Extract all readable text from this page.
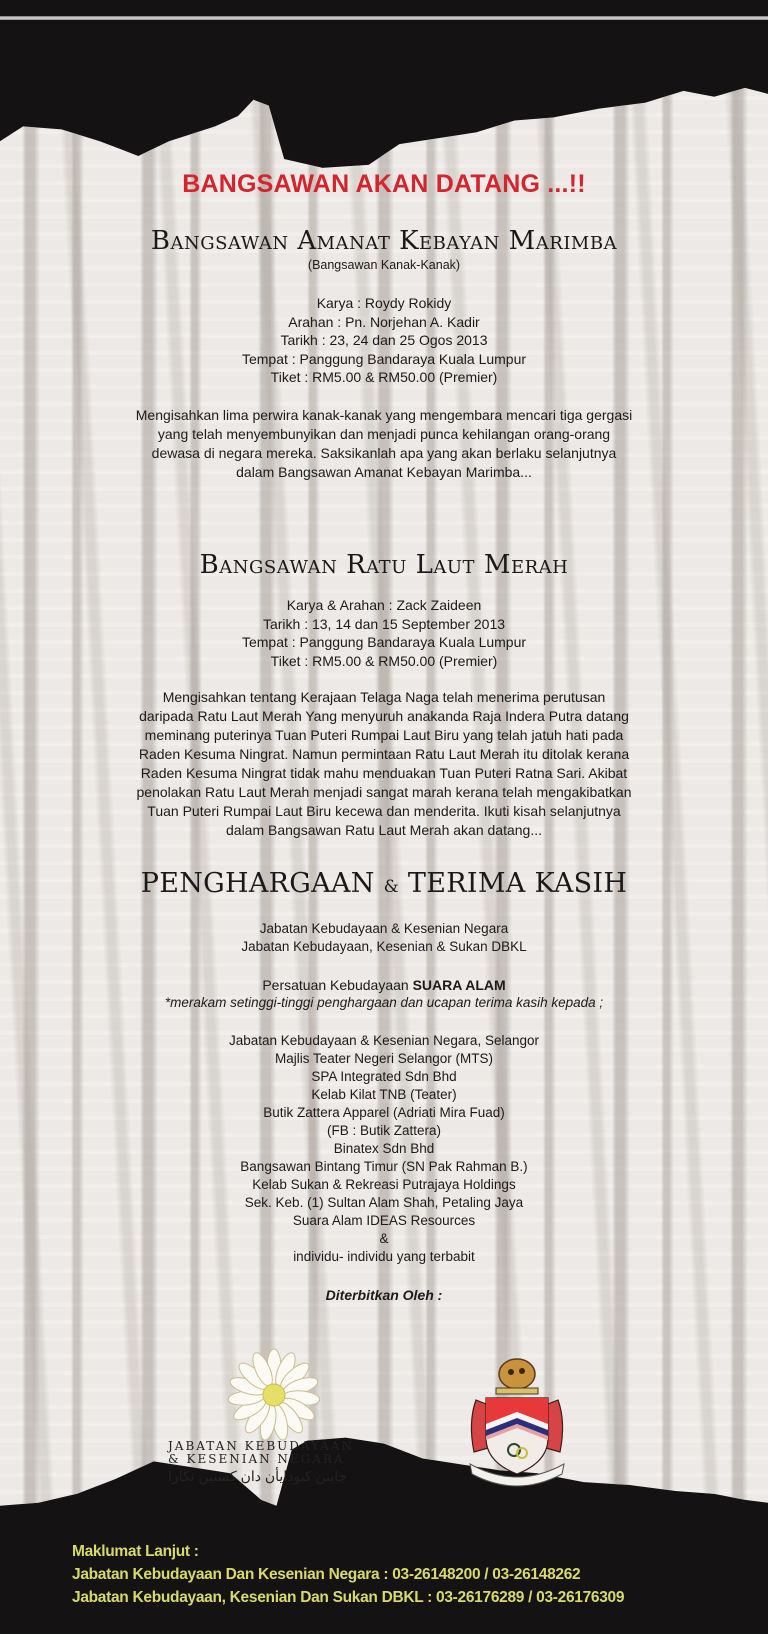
BANGSAWAN AKAN DATANG ...!!
Bangsawan Amanat Kebayan Marimba
(Bangsawan Kanak-Kanak)
Karya : Roydy Rokidy
Arahan : Pn. Norjehan A. Kadir
Tarikh : 23, 24 dan 25 Ogos 2013
Tempat : Panggung Bandaraya Kuala Lumpur
Tiket : RM5.00 & RM50.00 (Premier)
Mengisahkan lima perwira kanak-kanak yang mengembara mencari tiga gergasi
yang telah menyembunyikan dan menjadi punca kehilangan orang-orang
dewasa di negara mereka. Saksikanlah apa yang akan berlaku selanjutnya
dalam Bangsawan Amanat Kebayan Marimba...
Bangsawan Ratu Laut Merah
Karya & Arahan : Zack Zaideen
Tarikh : 13, 14 dan 15 September 2013
Tempat : Panggung Bandaraya Kuala Lumpur
Tiket : RM5.00 & RM50.00 (Premier)
Mengisahkan tentang Kerajaan Telaga Naga telah menerima perutusan
daripada Ratu Laut Merah Yang menyuruh anakanda Raja Indera Putra datang
meminang puterinya Tuan Puteri Rumpai Laut Biru yang telah jatuh hati pada
Raden Kesuma Ningrat. Namun permintaan Ratu Laut Merah itu ditolak kerana
Raden Kesuma Ningrat tidak mahu menduakan Tuan Puteri Ratna Sari. Akibat
penolakan Ratu Laut Merah menjadi sangat marah kerana telah mengakibatkan
Tuan Puteri Rumpai Laut Biru kecewa dan menderita. Ikuti kisah selanjutnya
dalam Bangsawan Ratu Laut Merah akan datang...
PENGHARGAAN & TERIMA KASIH
Jabatan Kebudayaan & Kesenian Negara
Jabatan Kebudayaan, Kesenian & Sukan DBKL
Persatuan Kebudayaan SUARA ALAM
*merakam setinggi-tinggi penghargaan dan ucapan terima kasih kepada ;
Jabatan Kebudayaan & Kesenian Negara, Selangor
Majlis Teater Negeri Selangor (MTS)
SPA Integrated Sdn Bhd
Kelab Kilat TNB (Teater)
Butik Zattera Apparel (Adriati Mira Fuad)
(FB : Butik Zattera)
Binatex Sdn Bhd
Bangsawan Bintang Timur (SN Pak Rahman B.)
Kelab Sukan & Rekreasi Putrajaya Holdings
Sek. Keb. (1) Sultan Alam Shah, Petaling Jaya
Suara Alam IDEAS Resources
&
individu- individu yang terbabit
Diterbitkan Oleh :
JABATAN KEBUDAYAAN
& KESENIAN NEGARA
جابتن کبودايأن دان کسنين نڬارا
Maklumat Lanjut :
Jabatan Kebudayaan Dan Kesenian Negara : 03-26148200 / 03-26148262
Jabatan Kebudayaan, Kesenian Dan Sukan DBKL : 03-26176289 / 03-26176309
